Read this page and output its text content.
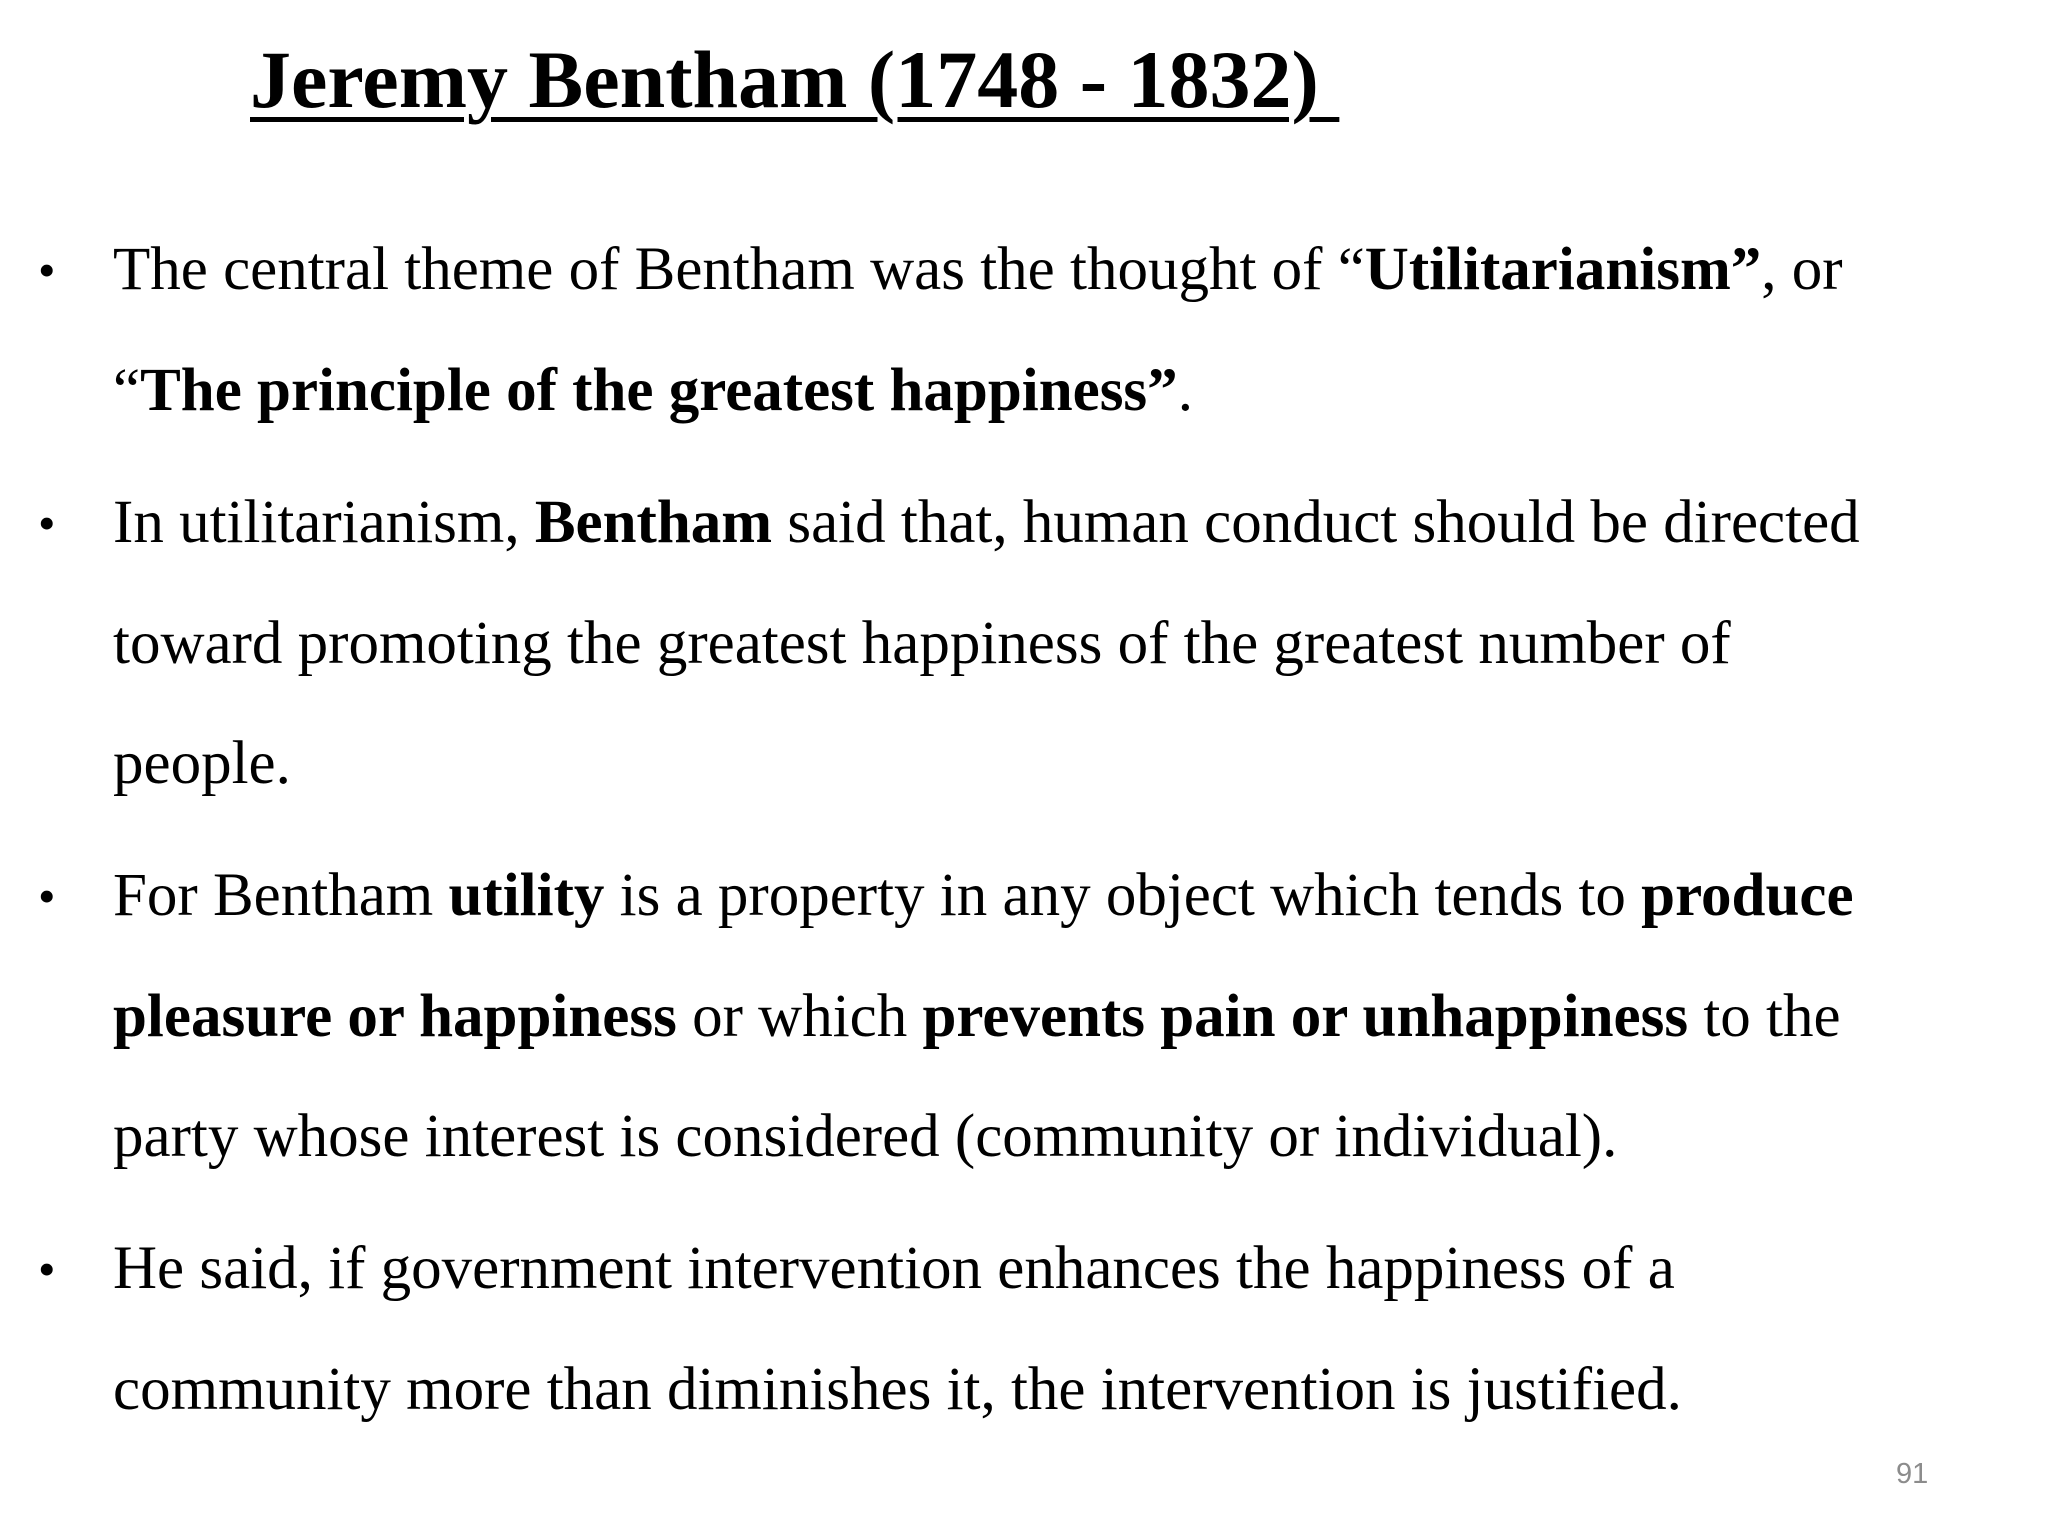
Jeremy Bentham (1748 - 1832)
• The central theme of Bentham was the thought of “Utilitarianism”, or
“The principle of the greatest happiness”.
• In utilitarianism, Bentham said that, human conduct should be directed
toward promoting the greatest happiness of the greatest number of
people.
• For Bentham utility is a property in any object which tends to produce
pleasure or happiness or which prevents pain or unhappiness to the
party whose interest is considered (community or individual).
• He said, if government intervention enhances the happiness of a
community more than diminishes it, the intervention is justified.
91
